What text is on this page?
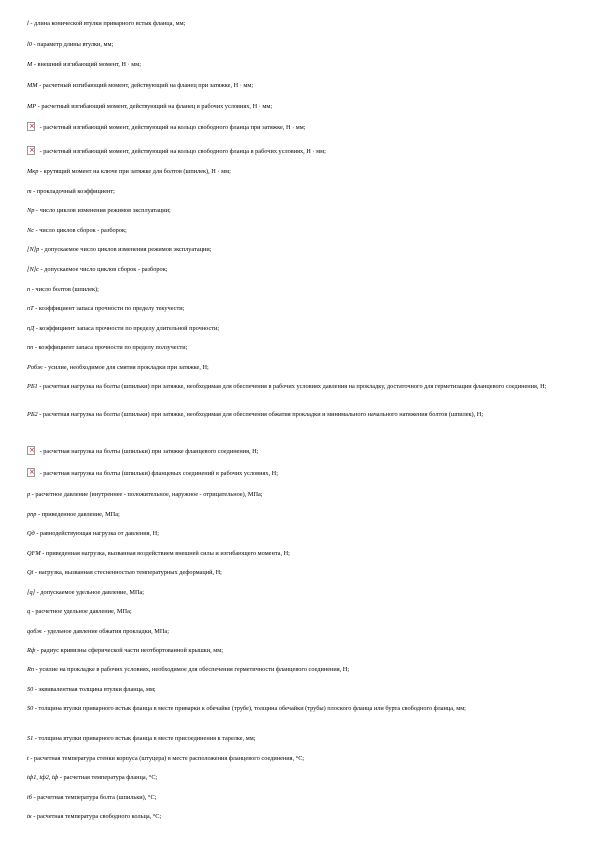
l - длина конической втулки приварного встык фланца, мм;
l0 - параметр длины втулки, мм;
M - внешний изгибающий момент, Н · мм;
MM - расчетный изгибающий момент, действующий на фланец при затяжке, Н · мм;
MP - расчетный изгибающий момент, действующий на фланец в рабочих условиях, Н · мм;
× - расчетный изгибающий момент, действующий на кольцо свободного фланца при затяжке, Н · мм;
× - расчетный изгибающий момент, действующий на кольцо свободного фланца в рабочих условиях, Н · мм;
Mкр - крутящий момент на ключе при затяжке для болтов (шпилек), Н · мм;
m - прокладочный коэффициент;
Np - число циклов изменения режимов эксплуатации;
Nc - число циклов сборок - разборок;
[N]p - допускаемое число циклов изменения режимов эксплуатации;
[N]c - допускаемое число циклов сборок - разборок;
n - число болтов (шпилек);
nТ - коэффициент запаса прочности по пределу текучести;
nД - коэффициент запаса прочности по пределу длительной прочности;
nп - коэффициент запаса прочности по пределу ползучести;
Pобж - усилие, необходимое для смятия прокладки при затяжке, Н;
PБ1 - расчетная нагрузка на болты (шпильки) при затяжке, необходимая для обеспечения в рабочих условиях давления на прокладку, достаточного для герметизации фланцевого соединения, Н;
PБ2 - расчетная нагрузка на болты (шпильки) при затяжке, необходимая для обеспечения обжатия прокладки и минимального начального натяжения болтов (шпилек), Н;
× - расчетная нагрузка на болты (шпильки) при затяжке фланцевого соединения, Н;
× - расчетная нагрузка на болты (шпильки) фланцевых соединений в рабочих условиях, Н;
p - расчетное давление (внутреннее - положительное, наружное - отрицательное), МПа;
pпр - приведенное давление, МПа;
Qд - равнодействующая нагрузка от давления, Н;
QFM - приведенная нагрузка, вызванная воздействием внешней силы и изгибающего момента, Н;
Qt - нагрузка, вызванная стесненностью температурных деформаций, Н;
[q] - допускаемое удельное давление, МПа;
q - расчетное удельное давление, МПа;
qобж - удельное давление обжатия прокладки, МПа;
Rф - радиус кривизны сферической части неотбортованной крышки, мм;
Rп - усилие на прокладке в рабочих условиях, необходимое для обеспечения герметичности фланцевого соединения, Н;
S0 - эквивалентная толщина втулки фланца, мм;
S0 - толщина втулки приварного встык фланца в месте приварки к обечайке (трубе), толщина обечайки (трубы) плоского фланца или бурта свободного фланца, мм;
S1 - толщина втулки приварного встык фланца в месте присоединения к тарелке, мм;
t - расчетная температура стенки корпуса (штуцера) в месте расположения фланцевого соединения, °С;
tф1, tф2, tф - расчетная температура фланца, °С;
tб - расчетная температура болта (шпильки), °С;
tк - расчетная температура свободного кольца, °С;
